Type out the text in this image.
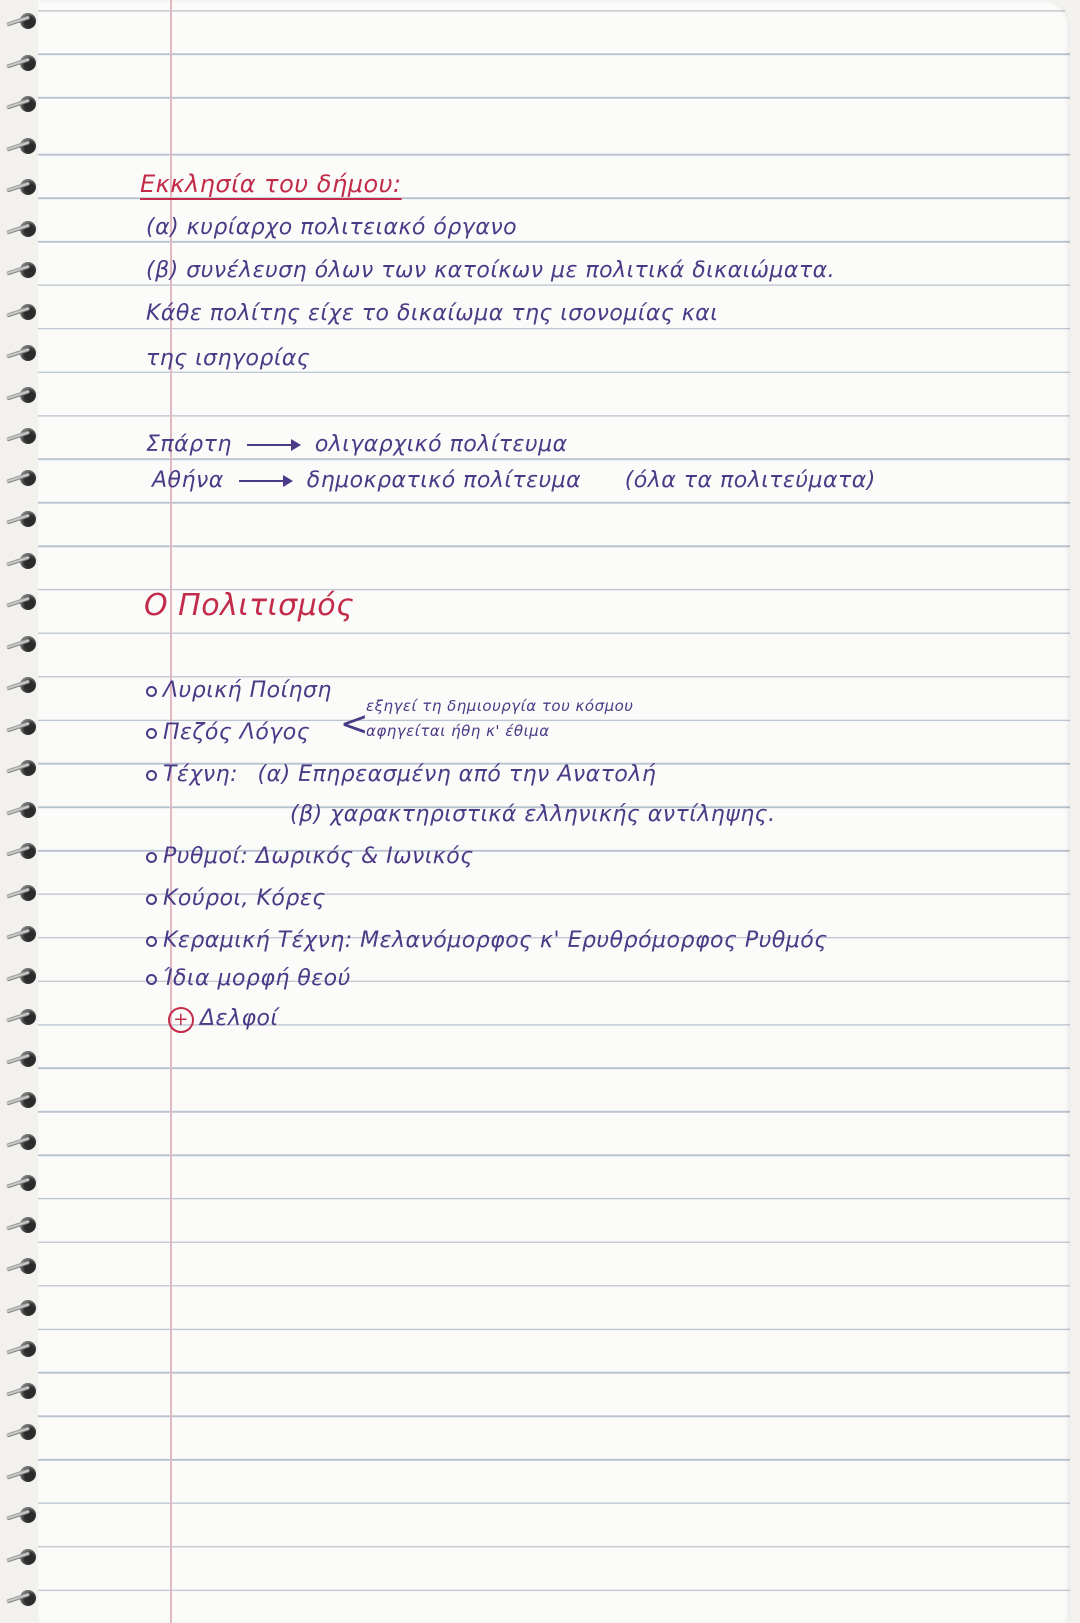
Εκκλησία του δήμου:
(α) κυρίαρχο πολιτειακό όργανο
(β) συνέλευση όλων των κατοίκων με πολιτικά δικαιώματα.
Κάθε πολίτης είχε το δικαίωμα της ισονομίας και
της ισηγορίας
Σπάρτη	ολιγαρχικό πολίτευμα
Αθήνα	δημοκρατικό πολίτευμα (όλα τα πολιτεύματα)
Ο Πολιτισμός
Λυρική Ποίηση
Πεζός Λόγος <
εξηγεί τη δημιουργία του κόσμου
αφηγείται ήθη κ' έθιμα
Τέχνη: (α) Επηρεασμένη από την Ανατολή
(β) χαρακτηριστικά ελληνικής αντίληψης.
Ρυθμοί: Δωρικός & Ιωνικός
Κούροι, Κόρες
Κεραμική Τέχνη: Μελανόμορφος κ' Ερυθρόμορφος Ρυθμός
Ίδια μορφή θεού
+ Δελφοί
